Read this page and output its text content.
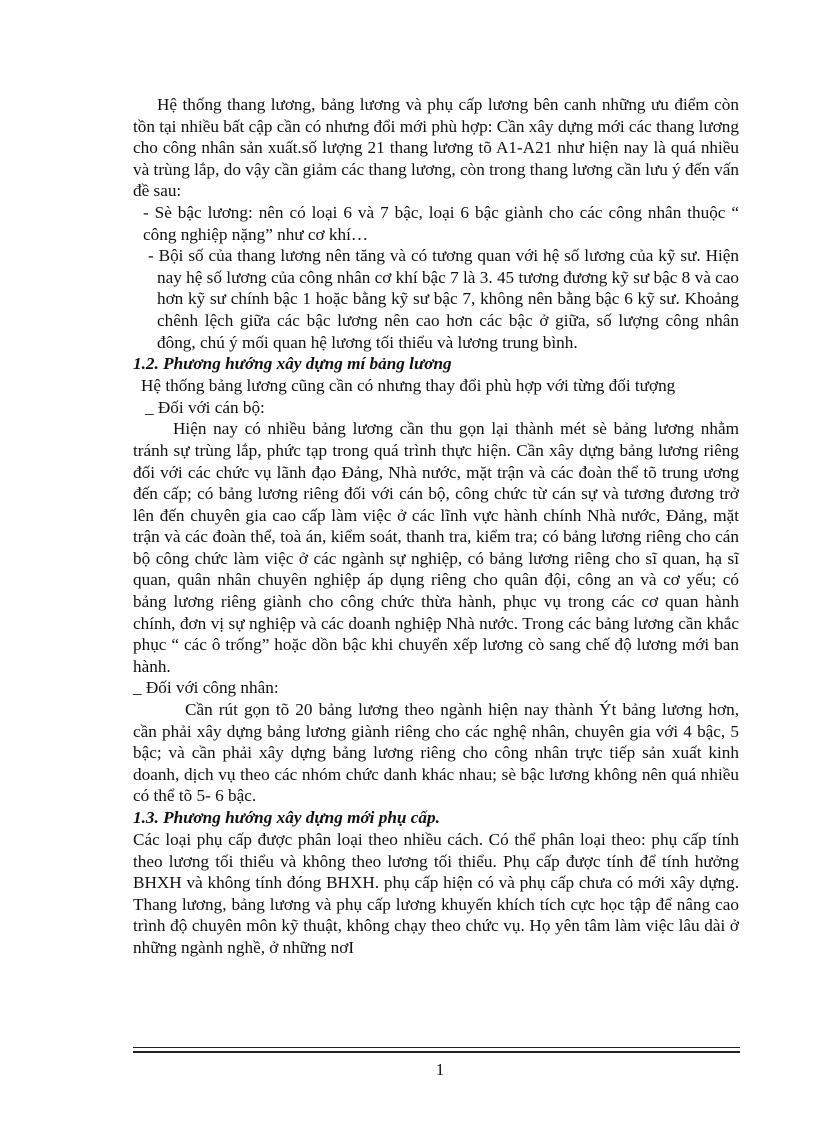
Hệ thống thang lương, bảng lương và phụ cấp lương bên canh những ưu điểm còn tồn tại nhiều bất cập cần có nhưng đổi mới phù hợp: Cần xây dựng mới các thang lương cho công nhân sản xuất.số lượng 21 thang lương tõ A1-A21 như hiện nay là quá nhiều và trùng lắp, do vậy cần giảm các thang lương, còn trong thang lương cần lưu ý đến vấn đề sau:

- Sè bậc lương: nên có loại 6 và 7 bậc, loại 6 bậc giành cho các công nhân thuộc “ công nghiệp nặng” như cơ khí…

- Bội số của thang lương nên tăng và có tương quan với hệ số lương của kỹ sư. Hiện nay hệ số lương của công nhân cơ khí bậc 7 là 3. 45 tương đương kỹ sư bậc 8 và cao hơn kỹ sư chính bậc 1 hoặc bằng kỹ sư bậc 7, không nên bằng bậc 6 kỹ sư. Khoảng chênh lệch giữa các bậc lương nên cao hơn các bậc ở giữa, số lượng công nhân đông, chú ý mối quan hệ lương tối thiểu và lương trung bình.

1.2. Phương hướng xây dựng mí bảng lương

Hệ thống bảng lương cũng cần có nhưng thay đổi phù hợp với từng đối tượng

_ Đối với cán bộ:

Hiện nay có nhiều bảng lương cần thu gọn lại thành mét sè bảng lương nhằm tránh sự trùng lắp, phức tạp trong quá trình thực hiện. Cần xây dựng bảng lương riêng đối với các chức vụ lãnh đạo Đảng, Nhà nước, mặt trận và các đoàn thể tõ trung ương đến cấp; có bảng lương riêng đối với cán bộ, công chức từ cán sự và tương đương trở lên đến chuyên gia cao cấp làm việc ở các lĩnh vực hành chính Nhà nước, Đảng, mặt trận và các đoàn thể, toà án, kiểm soát, thanh tra, kiểm tra; có bảng lương riêng cho cán bộ công chức làm việc ở các ngành sự nghiệp, có bảng lương riêng cho sĩ quan, hạ sĩ quan, quân nhân chuyên nghiệp áp dụng riêng cho quân đội, công an và cơ yếu; có bảng lương riêng giành cho công chức thừa hành, phục vụ trong các cơ quan hành chính, đơn vị sự nghiệp và các doanh nghiệp Nhà nước. Trong các bảng lương cần khắc phục “ các ô trống” hoặc dồn bậc khi chuyển xếp lương cò sang chế độ lương mới ban hành.

_ Đối với công nhân:

Cần rút gọn tõ 20 bảng lương theo ngành hiện nay thành Ýt bảng lương hơn, cần phải xây dựng bảng lương giành riêng cho các nghệ nhân, chuyên gia với 4 bậc, 5 bậc; và cần phải xây dựng bảng lương riêng cho công nhân trực tiếp sản xuất kinh doanh, dịch vụ theo các nhóm chức danh khác nhau; sè bậc lương không nên quá nhiều có thể tõ 5- 6 bậc.

1.3. Phương hướng xây dựng mới phụ cấp.

Các loại phụ cấp được phân loại theo nhiều cách. Có thể phân loại theo: phụ cấp tính theo lương tối thiểu và không theo lương tối thiểu. Phụ cấp được tính để tính hưởng BHXH và không tính đóng BHXH. phụ cấp hiện có và phụ cấp chưa có mới xây dựng. Thang lương, bảng lương và phụ cấp lương khuyến khích tích cực học tập để nâng cao trình độ chuyên môn kỹ thuật, không chạy theo chức vụ. Họ yên tâm làm việc lâu dài ở những ngành nghề, ở những nơI

1
